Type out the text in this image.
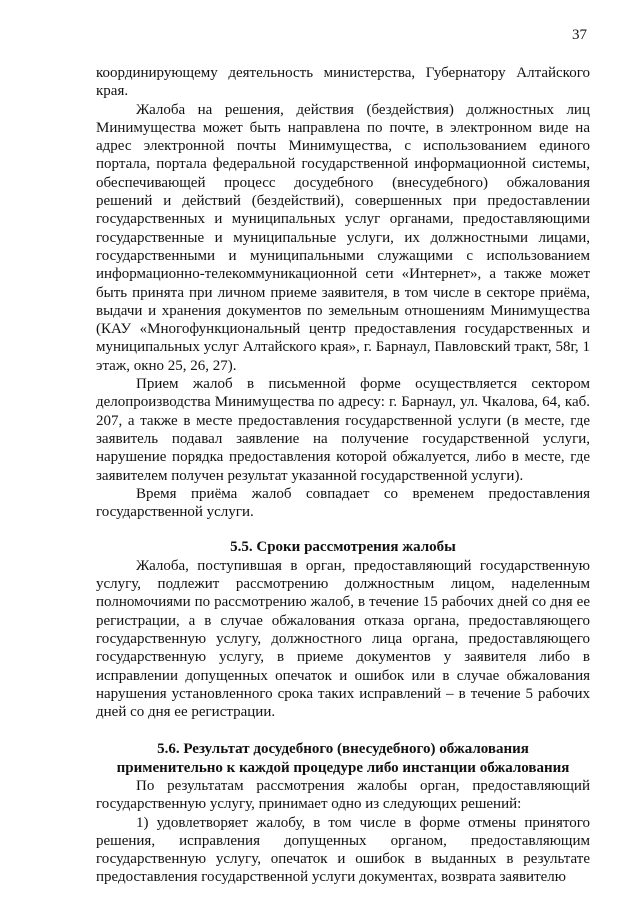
37

координирующему деятельность министерства, Губернатору Алтайского края.

Жалоба на решения, действия (бездействия) должностных лиц Минимущества может быть направлена по почте, в электронном виде на адрес электронной почты Минимущества, с использованием единого портала, портала федеральной государственной информационной системы, обеспечивающей процесс досудебного (внесудебного) обжалования решений и действий (бездействий), совершенных при предоставлении государственных и муниципальных услуг органами, предоставляющими государственные и муниципальные услуги, их должностными лицами, государственными и муниципальными служащими с использованием информационно-телекоммуникационной сети «Интернет», а также может быть принята при личном приеме заявителя, в том числе в секторе приёма, выдачи и хранения документов по земельным отношениям Минимущества (КАУ «Многофункциональный центр предоставления государственных и муниципальных услуг Алтайского края», г. Барнаул, Павловский тракт, 58г, 1 этаж, окно 25, 26, 27).

Прием жалоб в письменной форме осуществляется сектором делопроизводства Минимущества по адресу: г. Барнаул, ул. Чкалова, 64, каб. 207, а также в месте предоставления государственной услуги (в месте, где заявитель подавал заявление на получение государственной услуги, нарушение порядка предоставления которой обжалуется, либо в месте, где заявителем получен результат указанной государственной услуги).

Время приёма жалоб совпадает со временем предоставления государственной услуги.

5.5. Сроки рассмотрения жалобы

Жалоба, поступившая в орган, предоставляющий государственную услугу, подлежит рассмотрению должностным лицом, наделенным полномочиями по рассмотрению жалоб, в течение 15 рабочих дней со дня ее регистрации, а в случае обжалования отказа органа, предоставляющего государственную услугу, должностного лица органа, предоставляющего государственную услугу, в приеме документов у заявителя либо в исправлении допущенных опечаток и ошибок или в случае обжалования нарушения установленного срока таких исправлений – в течение 5 рабочих дней со дня ее регистрации.

5.6. Результат досудебного (внесудебного) обжалования
применительно к каждой процедуре либо инстанции обжалования

По результатам рассмотрения жалобы орган, предоставляющий государственную услугу, принимает одно из следующих решений:

1) удовлетворяет жалобу, в том числе в форме отмены принятого решения, исправления допущенных органом, предоставляющим государственную услугу, опечаток и ошибок в выданных в результате предоставления государственной услуги документах, возврата заявителю
